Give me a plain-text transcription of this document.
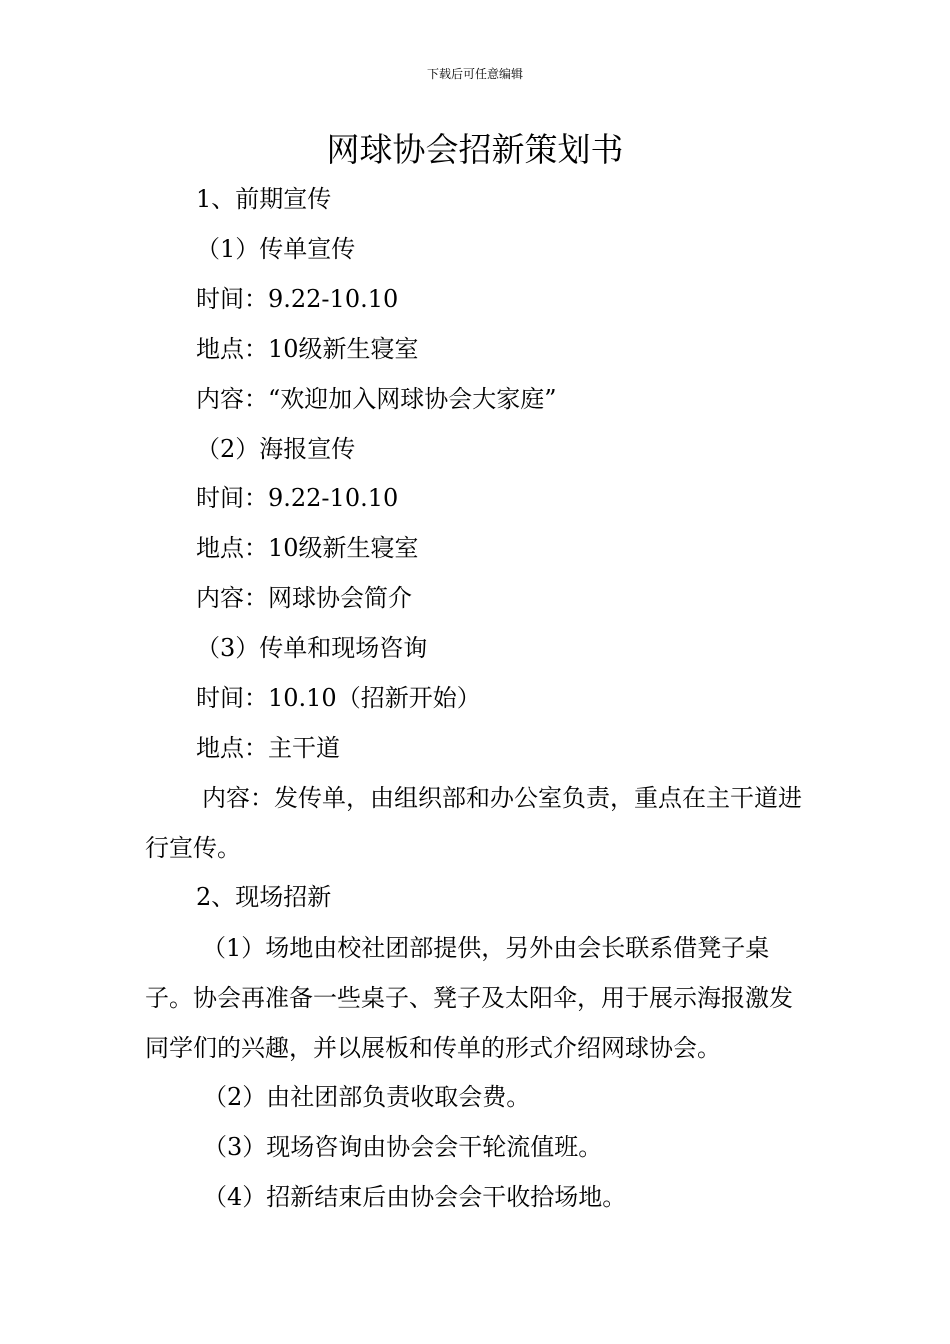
下载后可任意编辑
网球协会招新策划书
1、前期宣传
（1）传单宣传
时间：9.22-10.10
地点：10级新生寝室
内容：“欢迎加入网球协会大家庭”
（2）海报宣传
时间：9.22-10.10
地点：10级新生寝室
内容：网球协会简介
（3）传单和现场咨询
时间：10.10（招新开始）
地点：主干道

内容：发传单，由组织部和办公室负责，重点在主干道进行宣传。

2、现场招新

（1）场地由校社团部提供，另外由会长联系借凳子桌子。协会再准备一些桌子、凳子及太阳伞，用于展示海报激发同学们的兴趣，并以展板和传单的形式介绍网球协会。

（2）由社团部负责收取会费。
（3）现场咨询由协会会干轮流值班。
（4）招新结束后由协会会干收拾场地。
